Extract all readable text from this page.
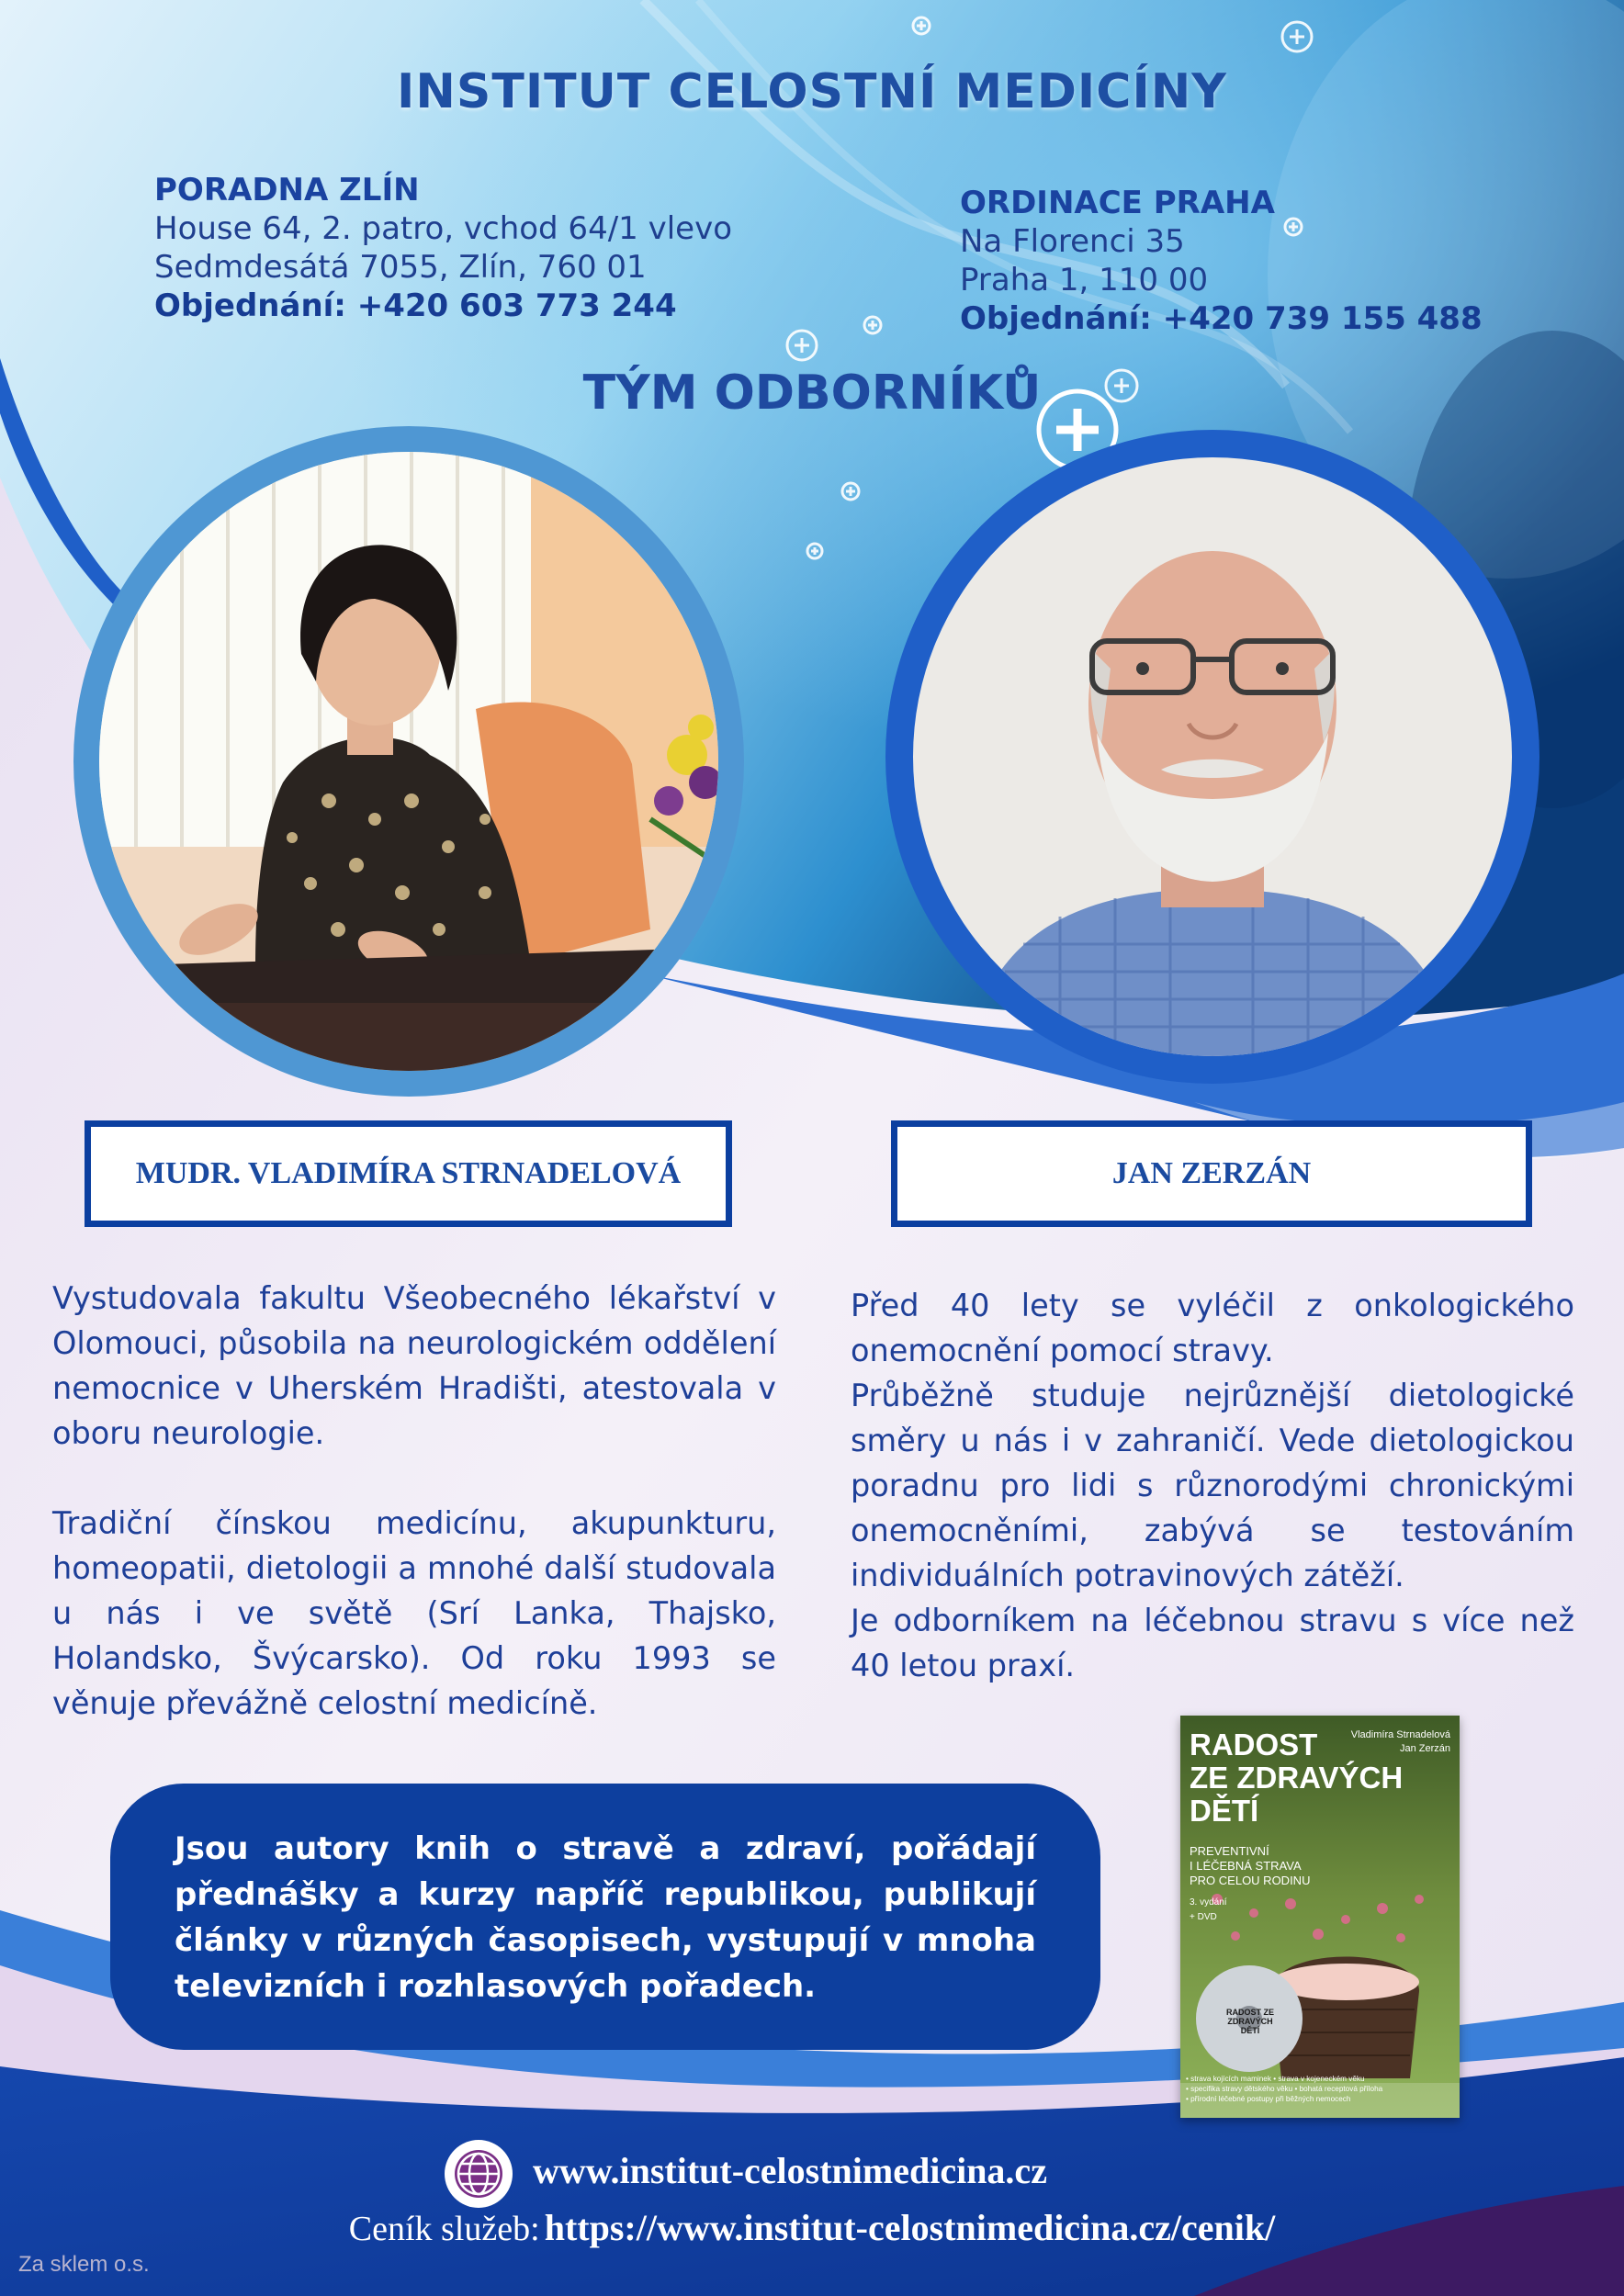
INSTITUT CELOSTNÍ MEDICÍNY
PORADNA ZLÍN
House 64, 2. patro, vchod 64/1 vlevo
Sedmdesátá 7055, Zlín, 760 01
Objednání: +420 603 773 244
ORDINACE PRAHA
Na Florenci 35
Praha 1, 110 00
Objednání: +420 739 155 488
TÝM ODBORNÍKŮ
MUDR. VLADIMÍRA STRNADELOVÁ	JAN ZERZÁN

Vystudovala fakultu Všeobecného lékařství v Olomouci, působila na neurologickém oddělení nemocnice v Uherském Hradišti, atestovala v oboru neurologie.

Tradiční čínskou medicínu, akupunkturu, homeopatii, dietologii a mnohé další studovala u nás i ve světě (Srí Lanka, Thajsko, Holandsko, Švýcarsko). Od roku 1993 se věnuje převážně celostní medicíně.

Před 40 lety se vyléčil z onkologického onemocnění pomocí stravy.

Průběžně studuje nejrůznější dietologické směry u nás i v zahraničí. Vede dietologickou poradnu pro lidi s různorodými chronickými onemocněními, zabývá se testováním individuálních potravinových zátěží.

Je odborníkem na léčebnou stravu s více než 40 letou praxí.

Jsou autory knih o stravě a zdraví, pořádají přednášky a kurzy napříč republikou, publikují články v různých časopisech, vystupují v mnoha televizních i rozhlasových pořadech.

RADOST
ZE ZDRAVÝCH
DĚTÍ
Vladimíra Strnadelová
Jan Zerzán
PREVENTIVNÍ
I LÉČEBNÁ STRAVA
PRO CELOU RODINU
3. vydání
+ DVD
RADOST ZE ZDRAVÝCH DĚTÍ
• strava kojících maminek • strava v kojeneckém věku
• specifika stravy dětského věku • bohatá receptová příloha
• přírodní léčebné postupy při běžných nemocech
www.institut-celostnimedicina.cz
Ceník služeb: https://www.institut-celostnimedicina.cz/cenik/
Za sklem o.s.
